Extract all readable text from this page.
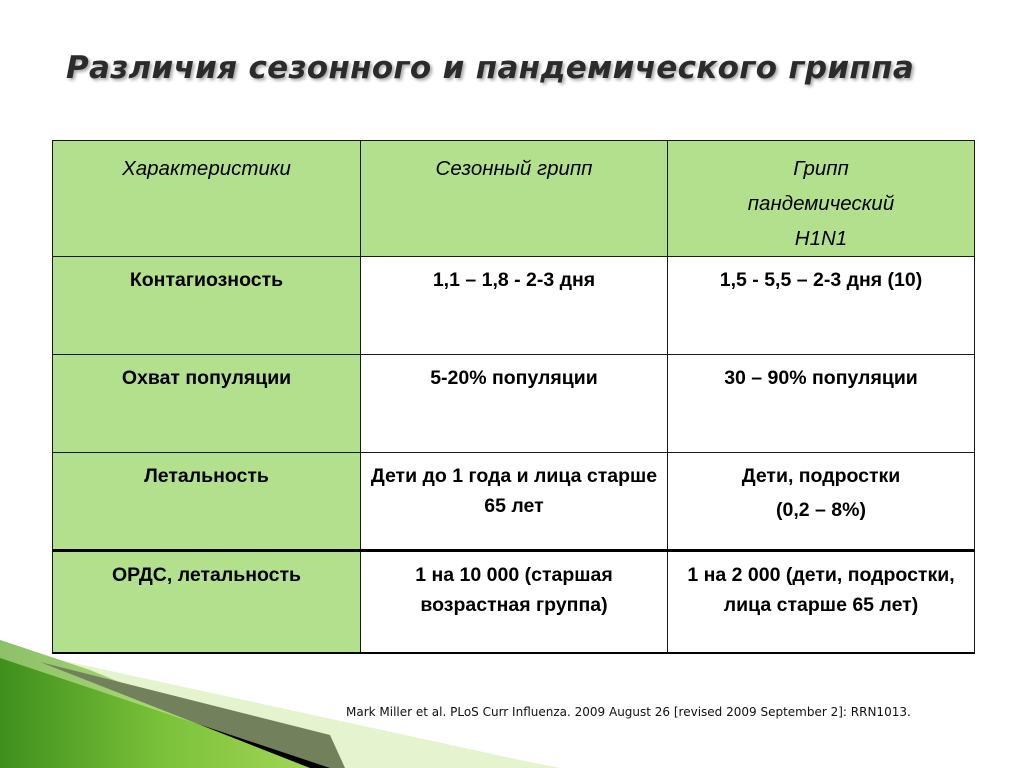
Различия сезонного и пандемического гриппа
Характеристики	Сезонный грипп	Грипп
пандемический
H1N1
Контагиозность	1,1 – 1,8 - 2-3 дня	1,5 - 5,5 – 2-3 дня (10)

Охват популяции	5-20% популяции	30 – 90% популяции

Летальность	Дети до 1 года и лица старше 65 лет	Дети, подростки
(0,2 – 8%)

ОРДС, летальность	1 на 10 000 (старшая возрастная группа)	1 на 2 000 (дети, подростки, лица старше 65 лет)
Mark Miller et al. PLoS Curr Influenza. 2009 August 26 [revised 2009 September 2]: RRN1013.
